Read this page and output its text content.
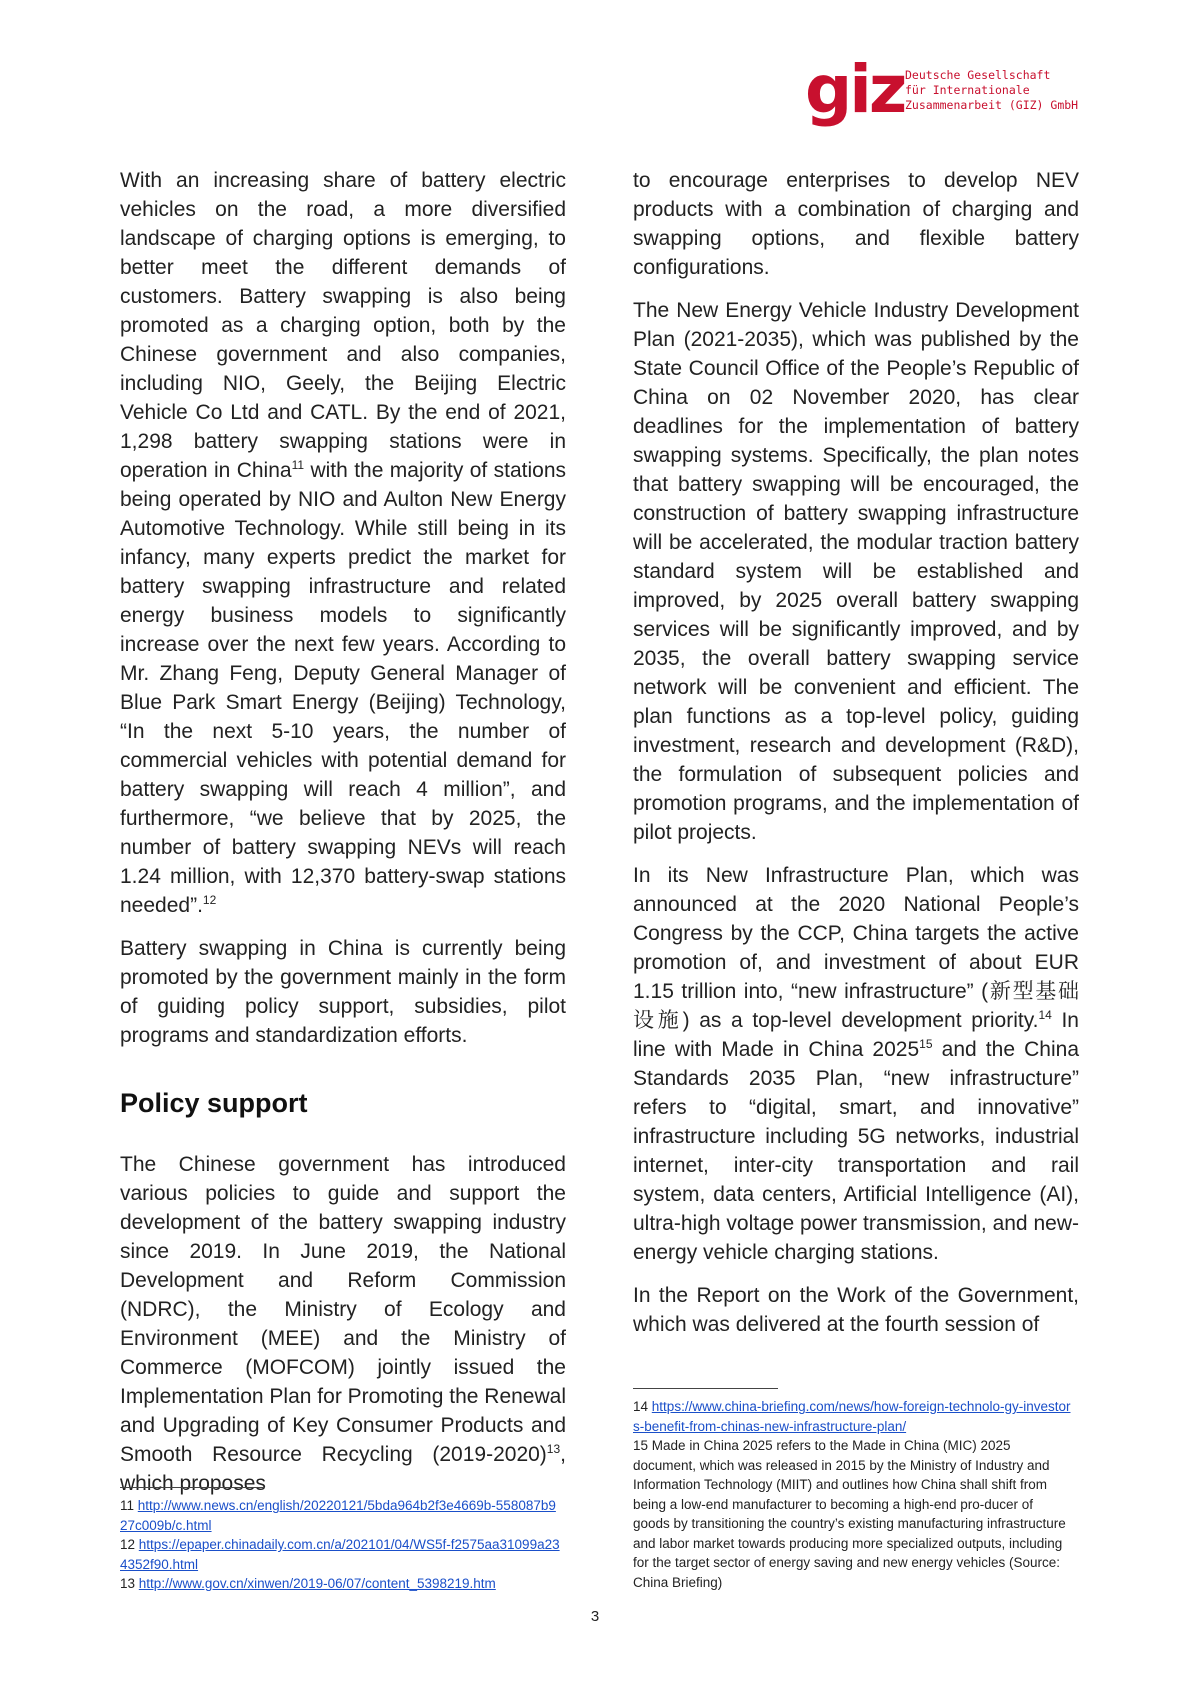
giz Deutsche Gesellschaft
für Internationale
Zusammenarbeit (GIZ) GmbH

With an increasing share of battery electric vehicles on the road, a more diversified landscape of charging options is emerging, to better meet the different demands of customers. Battery swapping is also being promoted as a charging option, both by the Chinese government and also companies, including NIO, Geely, the Beijing Electric Vehicle Co Ltd and CATL. By the end of 2021, 1,298 battery swapping stations were in operation in China$^{11}$ with the majority of stations being operated by NIO and Aulton New Energy Automotive Technology. While still being in its infancy, many experts predict the market for battery swapping infrastructure and related energy business models to significantly increase over the next few years. According to Mr. Zhang Feng, Deputy General Manager of Blue Park Smart Energy (Beijing) Technology, “In the next 5-10 years, the number of commercial vehicles with potential demand for battery swapping will reach 4 million”, and furthermore, “we believe that by 2025, the number of battery swapping NEVs will reach 1.24 million, with 12,370 battery-swap stations needed”.$^{12}$

Battery swapping in China is currently being promoted by the government mainly in the form of guiding policy support, subsidies, pilot programs and standardization efforts.

Policy support

The Chinese government has introduced various policies to guide and support the development of the battery swapping industry since 2019. In June 2019, the National Development and Reform Commission (NDRC), the Ministry of Ecology and Environment (MEE) and the Ministry of Commerce (MOFCOM) jointly issued the Implementation Plan for Promoting the Renewal and Upgrading of Key Consumer Products and Smooth Resource Recycling (2019-2020)$^{13}$, which proposes

to encourage enterprises to develop NEV products with a combination of charging and swapping options, and flexible battery configurations.

The New Energy Vehicle Industry Development Plan (2021-2035), which was published by the State Council Office of the People’s Republic of China on 02 November 2020, has clear deadlines for the implementation of battery swapping systems. Specifically, the plan notes that battery swapping will be encouraged, the construction of battery swapping infrastructure will be accelerated, the modular traction battery standard system will be established and improved, by 2025 overall battery swapping services will be significantly improved, and by 2035, the overall battery swapping service network will be convenient and efficient. The plan functions as a top-level policy, guiding investment, research and development (R&D), the formulation of subsequent policies and promotion programs, and the implementation of pilot projects.

In its New Infrastructure Plan, which was announced at the 2020 National People’s Congress by the CCP, China targets the active promotion of, and investment of about EUR 1.15 trillion into, “new infrastructure” (新型基础设施) as a top-level development priority.$^{14}$ In line with Made in China 2025$^{15}$ and the China Standards 2035 Plan, “new infrastructure” refers to “digital, smart, and innovative” infrastructure including 5G networks, industrial internet, inter-city transportation and rail system, data centers, Artificial Intelligence (AI), ultra-high voltage power transmission, and new-energy vehicle charging stations.

In the Report on the Work of the Government, which was delivered at the fourth session of

11 http://www.news.cn/english/20220121/5bda964b2f3e4669b-558087b927c009b/c.html
12 https://epaper.chinadaily.com.cn/a/202101/04/WS5f-f2575aa31099a234352f90.html
13 http://www.gov.cn/xinwen/2019-06/07/content_5398219.htm
14 https://www.china-briefing.com/news/how-foreign-technolo-gy-investors-benefit-from-chinas-new-infrastructure-plan/
15 Made in China 2025 refers to the Made in China (MIC) 2025 document, which was released in 2015 by the Ministry of Industry and Information Technology (MIIT) and outlines how China shall shift from being a low-end manufacturer to becoming a high-end pro-ducer of goods by transitioning the country’s existing manufacturing infrastructure and labor market towards producing more specialized outputs, including for the target sector of energy saving and new energy vehicles (Source: China Briefing)
3
